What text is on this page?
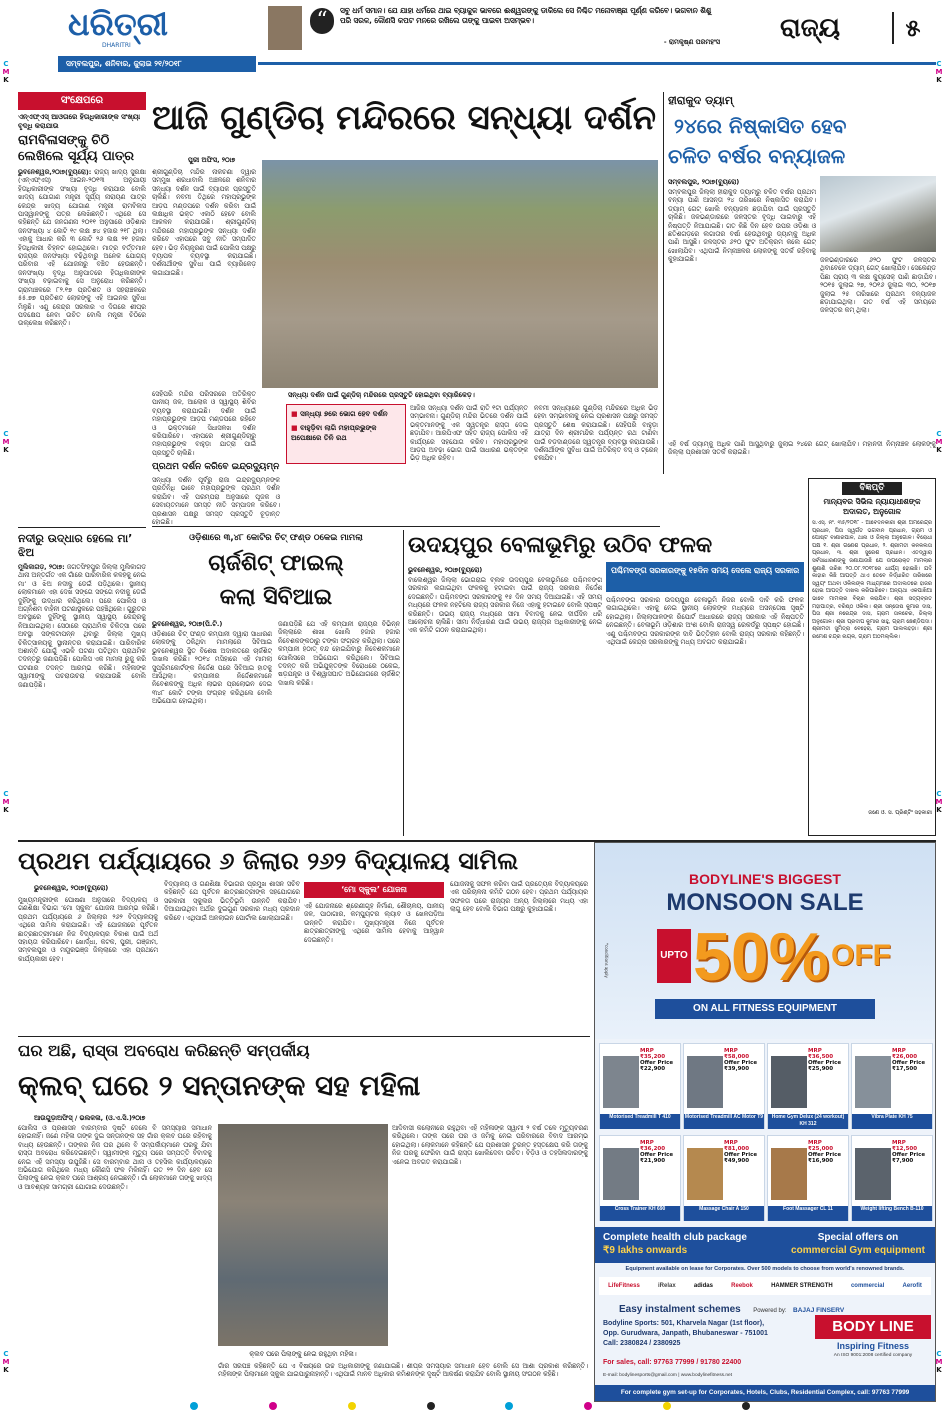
ଧରିତ୍ରୀ
DHARITRI
“	ସବୁ ଧର୍ମ ସମାନ। ଯେ ଯାହା ଧର୍ମରେ ଥାଇ ବ୍ୟାକୁଳ ଭାବରେ ଈଶ୍ୱରଙ୍କୁ ଡାକିଲେ ସେ ନିଶ୍ଚିତ ମନୋବାଞ୍ଛା ପୂର୍ଣ୍ଣ କରିବେ। ଭଗବାନ ଶିଶୁ ପରି ସରଳ, କୌଣସି କପଟ ମନରେ ରଖିଲେ ତାଙ୍କୁ ପାଇବା ଅସମ୍ଭବ।
- ରାମକୃଷ୍ଣ ପରମହଂସ ରାଜ୍ୟ	୫
ସମ୍ବଲପୁର, ଶନିବାର, ଜୁଲାଇ ୨୧/୨୦୧୮
C
M
K
C
M
K
C
M
K
C
M
K
C
M
K
C
M
K
C
M
K
C
M
K
ସଂକ୍ଷେପରେ
ଏନ୍‌ଏଫ୍‌ଏସ୍ ଆଓତାରେ ହିତାଧିକାରୀଙ୍କ ସଂଖ୍ୟା ବୃଦ୍ଧି କରାଯାଉ
ରାମବିଳାସଙ୍କୁ ଚିଠି ଲେଖିଲେ ସୂର୍ଯ୍ୟ ପାତ୍ର
ଭୁବନେଶ୍ୱର,୨୦ା୭(ବ୍ୟୁରୋ): ରାଜ୍ୟ ଖାଦ୍ୟ ସୁରକ୍ଷା (ଏନ୍‌ଏଫ୍‌ଏସ୍) ଆଇନ-୨୦୧୩ ଅନୁଯାୟୀ ହିତାଧିକାରୀଙ୍କ ସଂଖ୍ୟା ବୃଦ୍ଧି କରାଯାଉ ବୋଲି ଖାଦ୍ୟ ଯୋଗାଣ ମନ୍ତ୍ରୀ ସୂର୍ଯ୍ୟ ନାରାୟଣ ପାତ୍ର କେନ୍ଦ୍ର ଖାଦ୍ୟ ଯୋଗାଣ ମନ୍ତ୍ରୀ ରାମବିଳାସ ପାସ୍‌ୱାନଙ୍କୁ ପତ୍ର ଲେଖିଛନ୍ତି। ଏଥିରେ ସେ କହିଛନ୍ତି ଯେ ଜନଗଣନା ୨୦୧୧ ଅନୁସାରେ ଓଡ଼ିଶାର ଜନସଂଖ୍ୟା ୪ କୋଟି ୧୯ ଲକ୍ଷ ୭୪ ହଜାର ୨୧୮ ଥିଲା। ଏହାକୁ ଆଧାର କରି ୩ କୋଟି ୨୬ ଲକ୍ଷ ୨୧ ହଜାର ହିତାଧିକାରୀ ଚିହ୍ନଟ ହୋଇଥିଲେ। ମାତ୍ର ବର୍ତ୍ତମାନ ରାଜ୍ୟର ଜନସଂଖ୍ୟା ବଢ଼ିଥିବାରୁ ଅନେକ ଯୋଗ୍ୟ ପରିବାର ଏହି ଯୋଜନାରୁ ବଞ୍ଚିତ ହେଉଛନ୍ତି। ଜନସଂଖ୍ୟା ବୃଦ୍ଧି ଅନୁପାତରେ ହିତାଧିକାରୀଙ୍କ ସଂଖ୍ୟା ବଢ଼ାଇବାକୁ ସେ ଅନୁରୋଧ କରିଛନ୍ତି। ଗ୍ରାମାଞ୍ଚଳରେ ୮୨.୧୭ ପ୍ରତିଶତ ଓ ସହରାଞ୍ଚଳରେ ୫୫.୭୭ ପ୍ରତିଶତ ଲୋକଙ୍କୁ ଏହି ଆଇନର ସୁବିଧା ମିଳୁଛି। ଏଣୁ କେନ୍ଦ୍ର ସରକାର ଏ ଦିଗରେ ଶୀଘ୍ର ପଦକ୍ଷେପ ନେବା ଉଚିତ ବୋଲି ମନ୍ତ୍ରୀ ଚିଠିରେ ଉଲ୍ଲେଖ କରିଛନ୍ତି।
ନଦୀରୁ ଉଦ୍ଧାର ହେଲେ ମା’ ଝିଅ
ମୁଲିକାଗଡ଼, ୨୦ା୭: ଜଗତସିଂହପୁର ଜିଲ୍ଲା ମୁଲିକାଗଡ଼ ଥାନା ଅନ୍ତର୍ଗତ ଏକ ଗାଁରେ ପାରିବାରିକ କଳହକୁ ନେଇ ମା’ ଓ ଝିଅ ନଦୀକୁ ଡେଇଁ ପଡ଼ିଥିଲେ। ସ୍ଥାନୀୟ ଲୋକମାନେ ଏହା ଦେଖି ସଙ୍ଗେ ସଙ୍ଗେ ନଦୀକୁ ଡେଇଁ ଦୁହିଁଙ୍କୁ ଉଦ୍ଧାର କରିଥିଲେ। ପରେ ପୋଲିସ ଓ ଅଗ୍ନିଶମ ବାହିନୀ ଘଟଣାସ୍ଥଳରେ ପହଞ୍ଚିଥିଲେ। ଗୁରୁତର ଅବସ୍ଥାରେ ଦୁହିଁଙ୍କୁ ସ୍ଥାନୀୟ ସ୍ୱାସ୍ଥ୍ୟ କେନ୍ଦ୍ରକୁ ନିଆଯାଇଥିଲା। ସେଠାରେ ପ୍ରାଥମିକ ଚିକିତ୍ସା ପରେ ଅବସ୍ଥା ସଙ୍କଟାପନ୍ନ ଥିବାରୁ ଜିଲ୍ଲା ମୁଖ୍ୟ ଚିକିତ୍ସାଳୟକୁ ସ୍ଥାନାନ୍ତର କରାଯାଇଛି। ପାରିବାରିକ ଅଶାନ୍ତି ଯୋଗୁଁ ଏଭଳି ଘଟଣା ଘଟିଥିବା ପ୍ରାଥମିକ ତଦନ୍ତରୁ ଜଣାପଡ଼ିଛି। ପୋଲିସ ଏକ ମାମଲା ରୁଜୁ କରି ଘଟଣାର ତଦନ୍ତ ଆରମ୍ଭ କରିଛି। ମହିଳାଙ୍କ ସ୍ୱାମୀଙ୍କୁ ପଚରାଉଚରା କରାଯାଉଛି ବୋଲି ଜଣାପଡ଼ିଛି।
ଆଜି ଗୁଣ୍ଡିଚା ମନ୍ଦିରରେ ସନ୍ଧ୍ୟା ଦର୍ଶନ
ପୁରୀ ଅଫିସ, ୨୦ା୭
ଶ୍ରୀଗୁଣ୍ଡିଚା ମନ୍ଦିର ନାକଚଣା ଦ୍ୱାର ସମ୍ମୁଖ ଶରଧାବାଲି ଅଞ୍ଚଳରେ ଶନିବାର ସନ୍ଧ୍ୟା ଦର୍ଶନ ପାଇଁ ବ୍ୟାପକ ପ୍ରସ୍ତୁତି ଚାଲିଛି। ନବମୀ ତିଥିରେ ମହାପ୍ରଭୁଙ୍କ ଆଡ଼ପ ମଣ୍ଡପରେ ଦର୍ଶନ କରିବା ପାଇଁ ଲକ୍ଷାଧିକ ଭକ୍ତ ଏକାଠି ହେବେ ବୋଲି ଆକଳନ କରାଯାଉଛି। ଶ୍ରୀଗୁଣ୍ଡିଚା ମନ୍ଦିରରେ ମହାପ୍ରଭୁଙ୍କ ସନ୍ଧ୍ୟା ଦର୍ଶନ କରିବେ ଏହାପରେ ସବୁ ନୀତି ସମ୍ପାଦିତ ହେବ। ଭିଡ଼ ନିୟନ୍ତ୍ରଣ ପାଇଁ ପୋଲିସ ପକ୍ଷରୁ ବ୍ୟାପକ ବ୍ୟବସ୍ଥା କରାଯାଇଛି। ଦର୍ଶନାର୍ଥୀଙ୍କ ସୁବିଧା ପାଇଁ ବ୍ୟାରିକେଡ଼ ଲଗାଯାଇଛି।
ସନ୍ଧ୍ୟା ଦର୍ଶନ ପାଇଁ ଗୁଣ୍ଡିଚା ମନ୍ଦିରରେ ପ୍ରସ୍ତୁତି ହୋଇଥିବା ବ୍ୟାରିକେଡ଼।
ସେହିପରି ମନ୍ଦିର ପରିସରରେ ଅତିରିକ୍ତ ପାନୀୟ ଜଳ, ଆଲୋକ ଓ ସ୍ୱାସ୍ଥ୍ୟ ଶିବିର ବ୍ୟବସ୍ଥା କରାଯାଇଛି। ଦର୍ଶନ ପାଇଁ ମହାପ୍ରଭୁଙ୍କ ଆଡ଼ପ ମଣ୍ଡପରେ ରହିବେ ଓ ଭକ୍ତମାନେ ସିଧାସଳଖ ଦର୍ଶନ କରିପାରିବେ। ଏହାପରେ ଶ୍ରୀଗୁଣ୍ଡିଚାରୁ ମହାପ୍ରଭୁଙ୍କ ବାହୁଡ଼ା ଯାତ୍ରା ପାଇଁ ପ୍ରସ୍ତୁତି ଚାଲିଛି।
ପ୍ରଥମ ଦର୍ଶନ କରିବେ ଇନ୍ଦ୍ରଦ୍ୟୁମ୍ନ
ସନ୍ଧ୍ୟା ଦର୍ଶନ ପୂର୍ବରୁ ରାଜା ଇନ୍ଦ୍ରଦ୍ୟୁମ୍ନଙ୍କ ପ୍ରତିନିଧି ଭାବେ ମହାପ୍ରଭୁଙ୍କ ପ୍ରଥମ ଦର୍ଶନ କରାଯିବ। ଏହି ପରମ୍ପରା ଅନୁସାରେ ପୂଜକ ଓ ସେବାୟତମାନେ ସମସ୍ତ ନୀତି ସମ୍ପାଦନ କରିବେ। ପ୍ରଶାସନ ପକ୍ଷରୁ ସମସ୍ତ ପ୍ରସ୍ତୁତି ଚୂଡ଼ାନ୍ତ ହୋଇଛି।
■ ସନ୍ଧ୍ୟା ୭ରେ ଭୋଗ ହେବ ଦର୍ଶନ
■ ବାହୁଡ଼ିବା ଲାଗି ମହାପ୍ରଭୁଙ୍କ ଅପେକ୍ଷାରେ ତିନି ରଥ
ଆଜିର ସନ୍ଧ୍ୟା ଦର୍ଶନ ପାଇଁ ରାତି ୧ଟା ପର୍ଯ୍ୟନ୍ତ ସମ୍ଭାବନା। ଗୁଣ୍ଡିଚା ମନ୍ଦିର ଭିତରେ ଦର୍ଶନ ପାଇଁ ଭକ୍ତମାନଙ୍କୁ ଏକ ସ୍ୱତନ୍ତ୍ର ରାସ୍ତା ଦେଇ ଛଡ଼ାଯିବ। ଆରପିଏଫ ସହିତ ରାଜ୍ୟ ପୋଲିସ ଏହି କାର୍ଯ୍ୟରେ ସହଯୋଗ କରିବ। ମହାପ୍ରଭୁଙ୍କ ଆଡ଼ପ ଅବଢ଼ା ଭୋଗ ପାଇଁ ସାଧାରଣ ଭକ୍ତଙ୍କ ଭିଡ଼ ଅଧିକ ରହିବ।
ନବମୀ ସନ୍ଧ୍ୟାରେ ଗୁଣ୍ଡିଚା ମନ୍ଦିରରେ ଅଧିକ ଭିଡ଼ ହେବା ସମ୍ଭାବନାକୁ ନେଇ ପ୍ରଶାସନ ପକ୍ଷରୁ ସମସ୍ତ ପ୍ରସ୍ତୁତି ଶେଷ କରାଯାଇଛି। ସେହିପରି ବାହୁଡ଼ା ଯାତ୍ରା ଦିନ ଶ୍ରୀମନ୍ଦିର ପର୍ଯ୍ୟନ୍ତ ରଥ ଟାଣିବା ପାଇଁ ବଡ଼ଦାଣ୍ଡରେ ସ୍ୱତନ୍ତ୍ର ବ୍ୟବସ୍ଥା କରାଯାଉଛି। ଦର୍ଶନାର୍ଥୀଙ୍କ ସୁବିଧା ପାଇଁ ଅତିରିକ୍ତ ବସ୍ ଓ ଟ୍ରେନ୍ ଚଳାଯିବ।
ହୀରାକୁଦ ଡ୍ୟାମ୍
୨୪ରେ ନିଷ୍କାସିତ ହେବ
ଚଳିତ ବର୍ଷର ବନ୍ୟାଜଳ
ସମ୍ବଲପୁର, ୨୦ା୭(ବ୍ୟୁରୋ)
ସମ୍ବଲପୁର ଜିଲ୍ଲା ହୀରାକୁଦ ଡ୍ୟାମ୍‌ରୁ ଚଳିତ ବର୍ଷର ପ୍ରଥମ ବନ୍ୟା ପାଣି ଆସନ୍ତା ୨୪ ତାରିଖରେ ନିଷ୍କାସିତ କରାଯିବ। ଡ୍ୟାମ୍ ଗେଟ୍ ଖୋଲି ବନ୍ୟାଜଳ ଛଡ଼ାଯିବା ପାଇଁ ପ୍ରସ୍ତୁତି ଚାଲିଛି। ଜଳଭଣ୍ଡାରରେ ଜଳସ୍ତର ବୃଦ୍ଧି ପାଇବାରୁ ଏହି ନିଷ୍ପତ୍ତି ନିଆଯାଇଛି। ଗତ କିଛି ଦିନ ହେବ ଉପର ଓଡ଼ିଶା ଓ ଛତିଶଗଡ଼ରେ ଲଗାତାର ବର୍ଷା ହେଉଥିବାରୁ ଡ୍ୟାମ୍‌କୁ ଅଧିକ ପାଣି ଆସୁଛି। ଜଳସ୍ତର ୬୨୦ ଫୁଟ ଅତିକ୍ରମ କଲେ ଗେଟ୍ ଖୋଲାଯିବ। ଏଥିପାଇଁ ନିମ୍ନାଞ୍ଚଳର ଲୋକଙ୍କୁ ସତର୍କ ରହିବାକୁ କୁହାଯାଇଛି।	ଜଳଭଣ୍ଡାରରେ ୬୨୦ ଫୁଟ ଜଳସ୍ତର ଥିବାବେଳେ ଡ୍ୟାମ୍ ଗେଟ୍ ଖୋଲାଯିବ। ସେକେଣ୍ଡ ପିଛା ପ୍ରାୟ ୩ ଲକ୍ଷ କ୍ୟୁସେକ୍ ପାଣି ଛାଡ଼ାଯିବ। ୨୦୧୫ ଜୁଲାଇ ୨୭, ୨୦୧୬ ଜୁଲାଇ ୩୦, ୨୦୧୭ ଜୁଲାଇ ୨୫ ତାରିଖରେ ପ୍ରଥମ ବନ୍ୟାଜଳ ଛଡ଼ାଯାଇଥିଲା। ଗତ ବର୍ଷ ଏହି ସମୟରେ ଜଳସ୍ତର କମ୍ ଥିଲା।
ଏହି ବର୍ଷ ଡ୍ୟାମ୍‌କୁ ଅଧିକ ପାଣି ଆସୁଥିବାରୁ ଜୁଲାଇ ୨୪ରେ ଗେଟ୍ ଖୋଲାଯିବ। ମହାନଦୀ ନିମ୍ନାଞ୍ଚଳ ଲୋକଙ୍କୁ ଜିଲ୍ଲା ପ୍ରଶାସନ ସତର୍କ କରାଇଛି।
ବିଜ୍ଞପ୍ତି
ମାନ୍ୟବର ସିଭିଲ ନ୍ୟାୟାଧୀଶଙ୍କ ଅଦାଲତ, ଅନୁଗୋଳ
ସି.ଏସ୍. ନଂ. ୩୫/୨୦୧୮ - ଆବେଦନକାରୀ ଶ୍ରୀ ଅମରେନ୍ଦ୍ର ପ୍ରଧାନ, ପିତା ସ୍ୱର୍ଗତ ଭଗବାନ ପ୍ରଧାନ, ଗ୍ରାମ ଓ ପୋଷ୍ଟ ବାଣାରପାଳ, ଥାନା ଓ ଜିଲ୍ଲା ଅନୁଗୋଳ। ବିରୋଧୀ ପକ୍ଷ ୧. ଶ୍ରୀ ଗଣେଶ ପ୍ରଧାନ, ୨. ଶ୍ରୀମତୀ କନକଲତା ପ୍ରଧାନ, ୩. ଶ୍ରୀ ସୁରେଶ ପ୍ରଧାନ। ଏତଦ୍ୱାରା ସର୍ବସାଧାରଣଙ୍କୁ ଜଣାଯାଉଛି ଯେ ଉପରୋକ୍ତ ମାମଲାର ଶୁଣାଣି ତାରିଖ ୨୦.୦୮.୨୦୧୮ରେ ଧାର୍ଯ୍ୟ ହୋଇଛି। ଯଦି କାହାର କିଛି ଆପତ୍ତି ଥାଏ ତେବେ ନିର୍ଦ୍ଧାରିତ ତାରିଖରେ ସ୍ୱୟଂ ଅଥବା ଓକିଲଙ୍କ ମାଧ୍ୟମରେ ଅଦାଲତରେ ହାଜର ହୋଇ ଆପତ୍ତି ଦାଖଲ କରିପାରିବେ। ଅନ୍ୟଥା ଏକପାଖିଆ ଭାବେ ମାମଲାର ବିଚାର କରାଯିବ। ଶ୍ରୀ ସତ୍ୟବ୍ରତ ମହାପାତ୍ର, ବରିଷ୍ଠ ଓକିଲ। ଶ୍ରୀ ସନ୍ତୋଷ କୁମାର ଦାସ, ପିତା ଶ୍ରୀ ନରେନ୍ଦ୍ର ଦାସ, ଗ୍ରାମ ତାଳଚେର, ଜିଲ୍ଲା ଅନୁଗୋଳ। ଶ୍ରୀ ପ୍ରଦୀପ କୁମାର ସାହୁ, ଗ୍ରାମ ଛେଣ୍ଡିପଦା। ଶ୍ରୀମତୀ ସୁମିତ୍ରା ବେହେରା, ଗ୍ରାମ ପାଲଲହଡ଼ା। ଶ୍ରୀ ରମେଶ ଚନ୍ଦ୍ର ନାୟକ, ଗ୍ରାମ ଅଠମଲ୍ଲିକ।
ଜଣେ ଓ. ସ. ପ୍ରିଣ୍ଟିଂ ସହକାରୀ
ଓଡ଼ିଶାରେ ୩,୪୮ କୋଟିର ଚିଟ୍ ଫଣ୍ଡ ଠକେଇ ମାମଲା
ଚାର୍ଜଶିଟ୍ ଫାଇଲ୍
କଲା ସିବିଆଇ
ଭୁବନେଶ୍ୱର, ୨୦ା୭(ପି.ଟି.)
ଓଡ଼ିଶାରେ ଚିଟ୍ ଫଣ୍ଡ କମ୍ପାନୀ ଦ୍ୱାରା ସାଧାରଣ ଲୋକଙ୍କୁ ଠକିଥିବା ମାମଲାରେ ସିବିଆଇ ଭୁବନେଶ୍ୱର ସ୍ଥିତ ବିଶେଷ ଅଦାଲତରେ ଚାର୍ଜଶିଟ୍ ଦାଖଲ କରିଛି। ୨୦୧୪ ମସିହାରେ ଏହି ମାମଲା ସୁପ୍ରିମକୋର୍ଟଙ୍କ ନିର୍ଦ୍ଦେଶ ପରେ ସିବିଆଇ ହାତକୁ ଆସିଥିଲା। କମ୍ପାନୀର ନିର୍ଦ୍ଦେଶକମାନେ ନିବେଶକଙ୍କୁ ଅଧିକ ଲାଭର ପ୍ରଲୋଭନ ଦେଇ ୩୪୮ କୋଟି ଟଙ୍କା ସଂଗ୍ରହ କରିଥିଲେ ବୋଲି ଅଭିଯୋଗ ହୋଇଥିଲା।
ଜଣାପଡ଼ିଛି ଯେ ଏହି କମ୍ପାନୀ ରାଜ୍ୟର ବିଭିନ୍ନ ଜିଲ୍ଲାରେ ଶାଖା ଖୋଲି ହଜାର ହଜାର ନିବେଶକଙ୍କଠାରୁ ଟଙ୍କା ସଂଗ୍ରହ କରିଥିଲା। ପରେ କମ୍ପାନୀ ହଠାତ୍ ବନ୍ଦ ହୋଇଯିବାରୁ ନିବେଶକମାନେ ପୋଲିସରେ ଅଭିଯୋଗ କରିଥିଲେ। ସିବିଆଇ ତଦନ୍ତ କରି ଅଭିଯୁକ୍ତଙ୍କ ବିରୋଧରେ ଠକେଇ, ଷଡ଼ଯନ୍ତ୍ର ଓ ବିଶ୍ୱାସଘାତ ଅଭିଯୋଗରେ ଚାର୍ଜଶିଟ୍ ଦାଖଲ କରିଛି।
ଉଦୟପୁର ବେଳାଭୂମିରୁ ଉଠିବ ଫଳକ
ଭୁବନେଶ୍ୱର, ୨୦ା୭(ବ୍ୟୁରୋ)	ପଶ୍ଚିମବଙ୍ଗ ସରକାରଙ୍କୁ ୧୫ଦିନ ସମୟ ଦେଲେ ରାଜ୍ୟ ସରକାର
ବାଲେଶ୍ୱର ଜିଲ୍ଲା ଭୋଗରାଇ ବ୍ଲକ ଉଦୟପୁର ବେଳାଭୂମିରେ ପଶ୍ଚିମବଙ୍ଗ ସରକାର ଲଗାଇଥିବା ଫଳକକୁ ହଟାଇବା ପାଇଁ ରାଜ୍ୟ ସରକାର ନିର୍ଦ୍ଦେଶ ଦେଇଛନ୍ତି। ପଶ୍ଚିମବଙ୍ଗ ସରକାରଙ୍କୁ ୧୫ ଦିନ ସମୟ ଦିଆଯାଇଛି। ଏହି ସମୟ ମଧ୍ୟରେ ଫଳକ ନହଟିଲେ ରାଜ୍ୟ ସରକାର ନିଜେ ଏହାକୁ ହଟାଇବେ ବୋଲି ସ୍ପଷ୍ଟ କରିଛନ୍ତି। ଉଭୟ ରାଜ୍ୟ ମଧ୍ୟରେ ସୀମା ବିବାଦକୁ ନେଇ ଦୀର୍ଘଦିନ ଧରି ଆଲୋଚନା ଚାଲିଛି। ସୀମା ନିର୍ଦ୍ଧାରଣ ପାଇଁ ଉଭୟ ରାଜ୍ୟର ଅଧିକାରୀଙ୍କୁ ନେଇ ଏକ କମିଟି ଗଠନ କରାଯାଇଥିଲା।
ପଶ୍ଚିମବଙ୍ଗ ସରକାର ଉଦୟପୁର ବେଳାଭୂମି ନିଜର ବୋଲି ଦାବି କରି ଫଳକ ଲଗାଇଥିଲେ। ଏହାକୁ ନେଇ ସ୍ଥାନୀୟ ଲୋକଙ୍କ ମଧ୍ୟରେ ଅସନ୍ତୋଷ ସୃଷ୍ଟି ହୋଇଥିଲା। ଜିଲ୍ଲାପାଳଙ୍କ ରିପୋର୍ଟ ଆଧାରରେ ରାଜ୍ୟ ସରକାର ଏହି ନିଷ୍ପତ୍ତି ନେଇଛନ୍ତି। ବେଳାଭୂମି ଓଡ଼ିଶାର ଅଂଶ ବୋଲି ରାଜସ୍ୱ ରେକର୍ଡରୁ ସ୍ପଷ୍ଟ ହୋଇଛି। ଏଣୁ ପଶ୍ଚିମବଙ୍ଗ ସରକାରଙ୍କ ଦାବି ଭିତ୍ତିହୀନ ବୋଲି ରାଜ୍ୟ ସରକାର କହିଛନ୍ତି। ଏଥିପାଇଁ କେନ୍ଦ୍ର ସରକାରଙ୍କୁ ମଧ୍ୟ ଅବଗତ କରାଯାଇଛି।
ପ୍ରଥମ ପର୍ଯ୍ୟାୟରେ ୬ ଜିଲାର ୨୬୨ ବିଦ୍ୟାଳୟ ସାମିଲ
ଭୁବନେଶ୍ୱର, ୨୦ା୭(ବ୍ୟୁରୋ)	‘ମୋ ସ୍କୁଲ’ ଯୋଜନା
ମୁଖ୍ୟମନ୍ତ୍ରୀଙ୍କ ଘୋଷଣା ଅନୁସାରେ ବିଦ୍ୟାଳୟ ଓ ଗଣଶିକ୍ଷା ବିଭାଗ ‘ମୋ ସ୍କୁଲ’ ଯୋଜନା ଆରମ୍ଭ କରିଛି। ପ୍ରଥମ ପର୍ଯ୍ୟାୟରେ ୬ ଜିଲ୍ଲାର ୨୬୨ ବିଦ୍ୟାଳୟକୁ ଏଥିରେ ସାମିଲ କରାଯାଇଛି। ଏହି ଯୋଜନାରେ ପୂର୍ବତନ ଛାତ୍ରଛାତ୍ରୀମାନେ ନିଜ ବିଦ୍ୟାଳୟର ବିକାଶ ପାଇଁ ଅର୍ଥ ସହାୟତା କରିପାରିବେ। ଖୋର୍ଦ୍ଧା, କଟକ, ପୁରୀ, ଗଞ୍ଜାମ, ସମ୍ବଲପୁର ଓ ମୟୂରଭଞ୍ଜ ଜିଲ୍ଲାରେ ଏହା ପ୍ରଥମେ କାର୍ଯ୍ୟକାରୀ ହେବ।
ବିଦ୍ୟାଳୟ ଓ ଗଣଶିକ୍ଷା ବିଭାଗର ପ୍ରମୁଖ ଶାସନ ସଚିବ କହିଛନ୍ତି ଯେ ପୂର୍ବତନ ଛାତ୍ରଛାତ୍ରୀଙ୍କ ସହଯୋଗରେ ସରକାରୀ ସ୍କୁଲର ଭିତ୍ତିଭୂମି ଉନ୍ନତି କରାଯିବ। ଦିଆଯାଉଥିବା ଅର୍ଥର ଦୁଇଗୁଣ ସରକାର ମଧ୍ୟ ପ୍ରଦାନ କରିବେ। ଏଥିପାଇଁ ଅନଲାଇନ ପୋର୍ଟାଲ ଖୋଲାଯାଇଛି।
ଏହି ଯୋଜନାରେ ଶ୍ରେଣୀଗୃହ ନିର୍ମାଣ, ଶୌଚାଳୟ, ପାନୀୟ ଜଳ, ପାଠାଗାର, କମ୍ପ୍ୟୁଟର ଲ୍ୟାବ ଓ ଖେଳପଡ଼ିଆ ଉନ୍ନତି କରାଯିବ। ମୁଖ୍ୟମନ୍ତ୍ରୀ ନିଜେ ପୂର୍ବତନ ଛାତ୍ରଛାତ୍ରୀଙ୍କୁ ଏଥିରେ ସାମିଲ ହେବାକୁ ଆହ୍ୱାନ ଦେଇଛନ୍ତି।
ଯୋଜନାକୁ ସଫଳ କରିବା ପାଇଁ ପ୍ରତ୍ୟେକ ବିଦ୍ୟାଳୟରେ ଏକ ପରିଚାଳନା କମିଟି ଗଠନ ହେବ। ପ୍ରଥମ ପର୍ଯ୍ୟାୟର ସଫଳତା ପରେ ରାଜ୍ୟର ଅନ୍ୟ ଜିଲ୍ଲାରେ ମଧ୍ୟ ଏହା ଲାଗୁ ହେବ ବୋଲି ବିଭାଗ ପକ୍ଷରୁ କୁହାଯାଇଛି।
ଘର ଅଛି, ରାସ୍ତା ଅବରୋଧ କରିଛନ୍ତି ସମ୍ପର୍କୀୟ
କ୍ଲବ୍ ଘରେ ୨ ସନ୍ତାନଙ୍କ ସହ ମହିଳା
ଆଉଗୁଡ଼ାଅଫିସ୍ / ଭଲକଳା, (ଓ.ଏ.ସି.)୨୦ା୭
ପୋଲିସ ଓ ପ୍ରଶାସନ ବାରମ୍ବାର ଦୃଷ୍ଟି ଦେଲେ ବି ସମସ୍ୟାର ସମାଧାନ ହୋଇନାହିଁ। ଜଣେ ମହିଳା ତାଙ୍କ ଦୁଇ ସନ୍ତାନଙ୍କ ସହ ଗାଁର କ୍ଲବ ଘରେ ରହିବାକୁ ବାଧ୍ୟ ହେଉଛନ୍ତି। ତାଙ୍କର ନିଜ ଘର ଥିଲେ ବି ସମ୍ପର୍କୀୟମାନେ ଘରକୁ ଯିବା ରାସ୍ତା ଅବରୋଧ କରିଦେଇଛନ୍ତି। ସ୍ୱାମୀଙ୍କ ମୃତ୍ୟୁ ପରେ ସମ୍ପତ୍ତି ବିବାଦକୁ ନେଇ ଏହି ସମସ୍ୟା ଉପୁଜିଛି। ସେ ବାରମ୍ବାର ଥାନା ଓ ତହସିଲ କାର୍ଯ୍ୟାଳୟରେ ଅଭିଯୋଗ କରିଥିଲେ ମଧ୍ୟ କୌଣସି ଫଳ ମିଳିନାହିଁ। ଗତ ୨୨ ଦିନ ହେବ ସେ ପିଲାଙ୍କୁ ନେଇ କ୍ଲବ ଘରେ ଆଶ୍ରୟ ନେଇଛନ୍ତି। ଗାଁ ଲୋକମାନେ ତାଙ୍କୁ ଖାଦ୍ୟ ଓ ଆବଶ୍ୟକ ସାମଗ୍ରୀ ଯୋଗାଇ ଦେଉଛନ୍ତି।
କ୍ଲବ ଘରେ ପିଲାଙ୍କୁ ନେଇ ରହୁଥିବା ମହିଳା।
ଆଦିବାସୀ କଲୋନୀରେ ରହୁଥିବା ଏହି ମହିଳାଙ୍କ ସ୍ୱାମୀ ୨ ବର୍ଷ ତଳେ ମୃତ୍ୟୁବରଣ କରିଥିଲେ। ତାଙ୍କ ପରେ ଘର ଓ ଜମିକୁ ନେଇ ପରିବାରରେ ବିବାଦ ଆରମ୍ଭ ହୋଇଥିଲା। ଲୋକମାନେ କହିଛନ୍ତି ଯେ ପ୍ରଶାସନ ତୁରନ୍ତ ହସ୍ତକ୍ଷେପ କରି ତାଙ୍କୁ ନିଜ ଘରକୁ ଫେରିବା ପାଇଁ ରାସ୍ତା ଖୋଲିଦେବା ଉଚିତ। ବିଡ଼ିଓ ଓ ତହସିଲଦାରଙ୍କୁ ଏନେଇ ଅବଗତ କରାଯାଇଛି।
ଗାଁର ସରପଞ୍ଚ କହିଛନ୍ତି ଯେ ଏ ବିଷୟରେ ଉଚ୍ଚ ଅଧିକାରୀଙ୍କୁ ଜଣାଯାଇଛି। ଶୀଘ୍ର ସମସ୍ୟାର ସମାଧାନ ହେବ ବୋଲି ସେ ଆଶା ପ୍ରକାଶ କରିଛନ୍ତି। ମହିଳାଙ୍କ ପିଲାମାନେ ସ୍କୁଲ ଯାଇପାରୁନାହାନ୍ତି। ଏଥିପାଇଁ ମାନବ ଅଧିକାର କମିଶନଙ୍କ ଦୃଷ୍ଟି ଆକର୍ଷଣ କରାଯିବ ବୋଲି ସ୍ଥାନୀୟ ସଂଗଠନ କହିଛି।
BODYLINE'S BIGGEST
MONSOON SALE
UPTO 50% OFF
ON ALL FITNESS EQUIPMENT
*conditions apply
MRP ₹35,200
Offer Price ₹22,900
Motorised Treadmill T 410
MRP ₹58,000
Offer Price ₹39,900
Motorised Treadmill AC Motor T9
MRP ₹36,500
Offer Price ₹25,900
Home Gym Delux (24 workout) KH 312
MRP ₹26,000
Offer Price ₹17,500
Vibra Plate KH 75
MRP ₹36,200
Offer Price ₹21,900
Cross Trainer KH 690
MRP ₹81,000
Offer Price ₹49,900
Massage Chair A 150
MRP ₹25,000
Offer Price ₹16,900
Foot Massager CL 11
MRP ₹12,500
Offer Price ₹7,900
Weight lifting Bench B-110
Complete health club package
₹9 lakhs onwards
Special offers on
commercial Gym equipment
Equipment available on lease for Corporates. Over 500 models to choose from world's renowned brands.
LifeFitness	iRelax	adidas	Reebok	HAMMER STRENGTH	commercial	Aerofit
Easy instalment schemes Powered by: BAJAJ FINSERV
Bodyline Sports: 501, Kharvela Nagar (1st floor),
Opp. Gurudwara, Janpath, Bhubaneswar - 751001
Call: 2380824 / 2380925
For sales, call: 97763 77999 / 91780 22400
E-mail: bodylinesports@gmail.com | www.bodylinefitness.net
BODY LINE
Inspiring Fitness
An ISO 9001:2008 certified company
For complete gym set-up for Corporates, Hotels, Clubs, Residential Complex, call: 97763 77999
